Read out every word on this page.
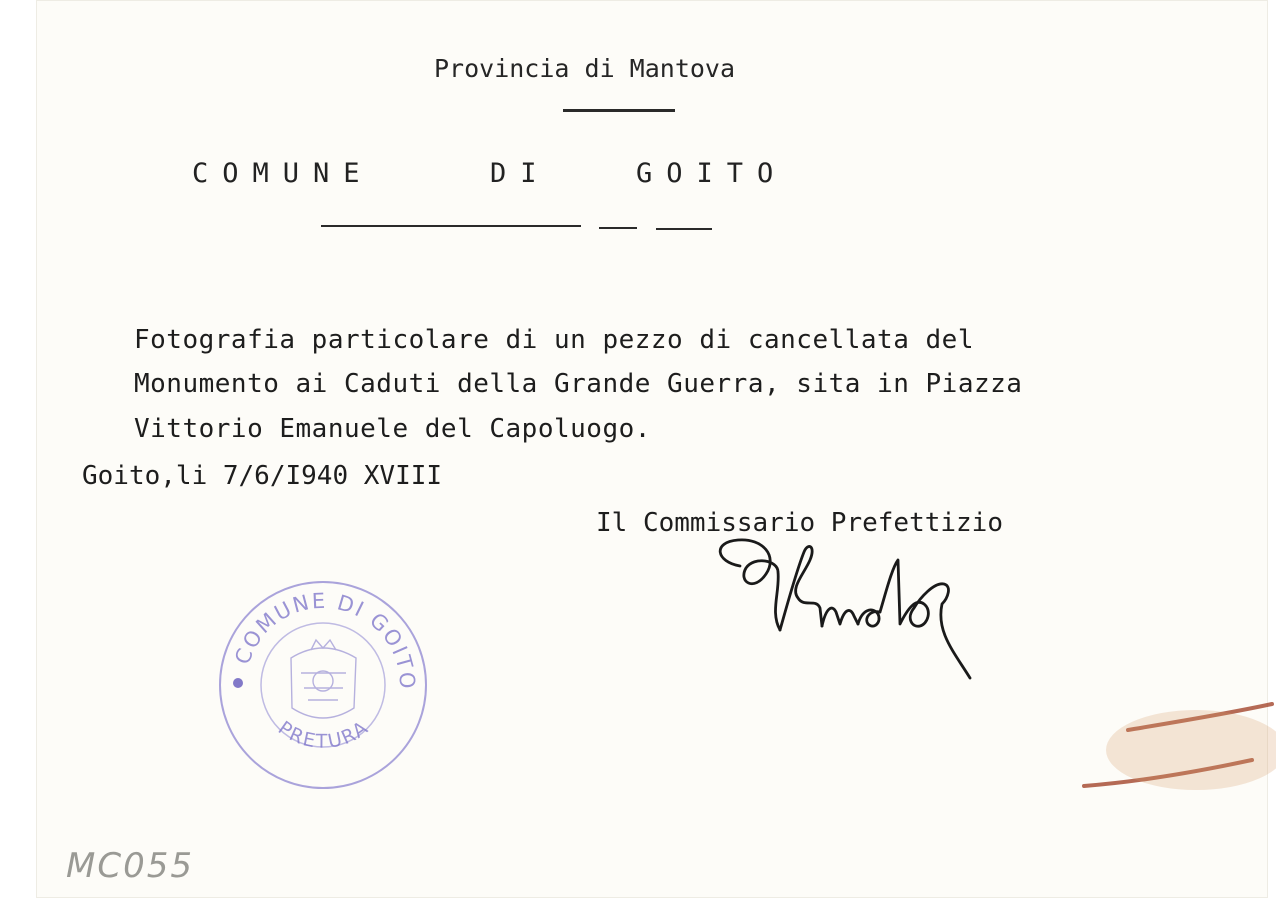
Provincia di Mantova
COMUNE	DI	GOITO
Fotografia particolare di un pezzo di cancellata del
Monumento ai Caduti della Grande Guerra, sita in Piazza
Vittorio Emanuele del Capoluogo.
Goito,li 7/6/I940 XVIII
Il Commissario Prefettizio
COMUNE DI GOITO
PRETURA
MC055
